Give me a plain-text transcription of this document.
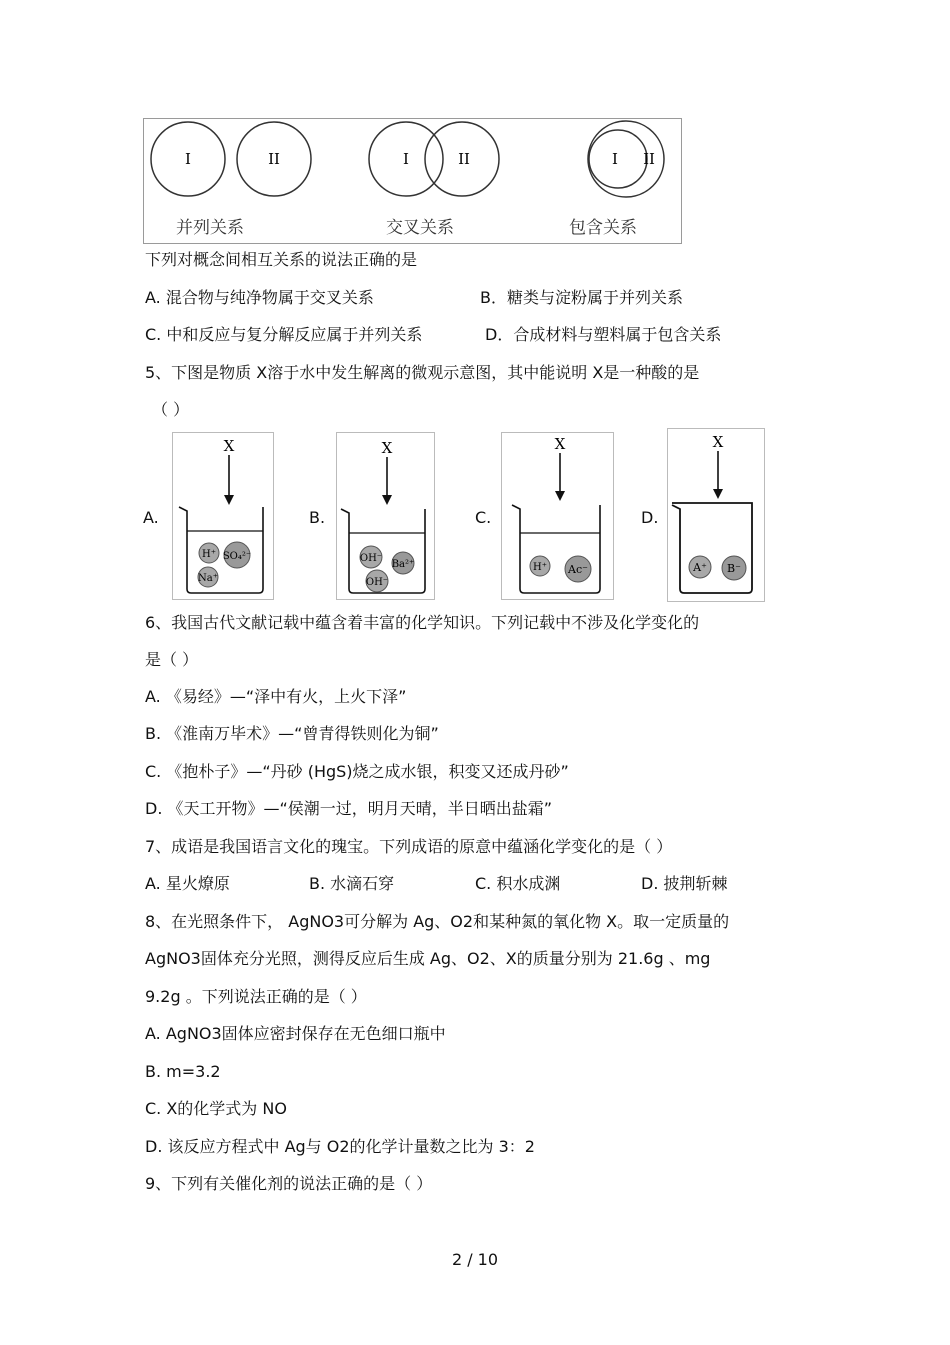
I	II	I	II	I II
并列关系	交叉关系	包含关系
下列对概念间相互关系的说法正确的是
A. 混合物与纯净物属于交叉关系	B．糖类与淀粉属于并列关系
C. 中和反应与复分解反应属于并列关系	D．合成材料与塑料属于包含关系
5、下图是物质 X溶于水中发生解离的微观示意图，其中能说明 X是一种酸的是
（ ）
A.	B.	C.	D.
X
H⁺ SO₄²⁻
Na⁺
X
OH⁻
Ba²⁺
OH⁻
X
H⁺ Ac⁻
X
A⁺ B⁻
6、我国古代文献记载中蕴含着丰富的化学知识。下列记载中不涉及化学变化的
是（ ）
A. 《易经》—“泽中有火，上火下泽”
B. 《淮南万毕术》—“曾青得铁则化为铜”
C. 《抱朴子》—“丹砂 (HgS)烧之成水银，积变又还成丹砂”
D. 《天工开物》—“侯潮一过，明月天晴，半日晒出盐霜”
7、成语是我国语言文化的瑰宝。下列成语的原意中蕴涵化学变化的是（ ）
A. 星火燎原	B. 水滴石穿	C. 积水成渊	D. 披荆斩棘
8、在光照条件下， AgNO3可分解为 Ag、O2和某种氮的氧化物 X。取一定质量的
AgNO3固体充分光照，测得反应后生成 Ag、O2、X的质量分别为 21.6g 、mg
9.2g 。下列说法正确的是（ ）
A. AgNO3固体应密封保存在无色细口瓶中
B. m=3.2
C. X的化学式为 NO
D. 该反应方程式中 Ag与 O2的化学计量数之比为 3：2
9、下列有关催化剂的说法正确的是（ ）
2 / 10
